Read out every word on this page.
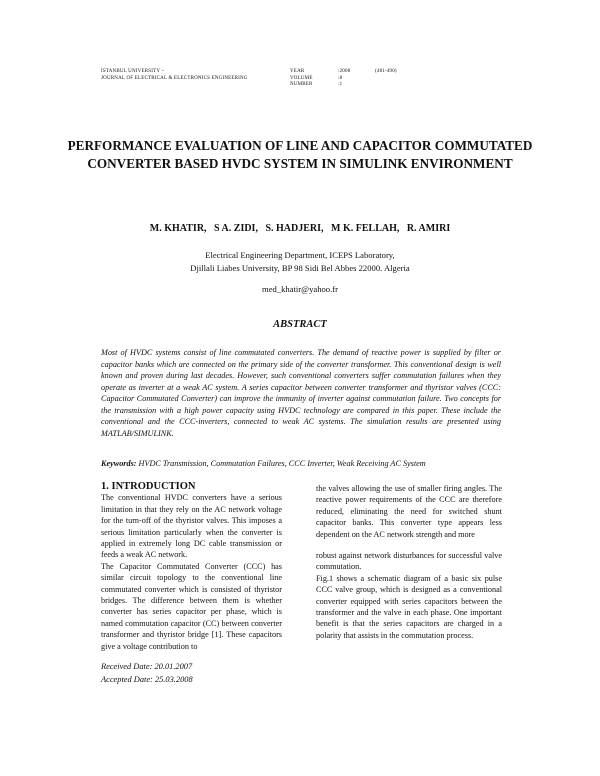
İSTANBUL UNIVERSITY –
JOURNAL OF ELECTRICAL & ELECTRONICS ENGINEERING
YEAR
VOLUME
NUMBER
:2008
:8
:1
(481-490)
PERFORMANCE EVALUATION OF LINE AND CAPACITOR COMMUTATED CONVERTER BASED HVDC SYSTEM IN SIMULINK ENVIRONMENT
M. KHATIR, S A. ZIDI, S. HADJERI, M K. FELLAH, R. AMIRI
Electrical Engineering Department, ICEPS Laboratory,
Djillali Liabes University, BP 98 Sidi Bel Abbes 22000. Algeria
med_khatir@yahoo.fr
ABSTRACT
Most of HVDC systems consist of line commutated converters. The demand of reactive power is supplied by filter or capacitor banks which are connected on the primary side of the converter transformer. This conventional design is well known and proven during last decades. However, such conventional converters suffer commutation failures when they operate as inverter at a weak AC system. A series capacitor between converter transformer and thyristor valves (CCC: Capacitor Commutated Converter) can improve the immunity of inverter against commutation failure. Two concepts for the transmission with a high power capacity using HVDC technology are compared in this paper. These include the conventional and the CCC-inverters, connected to weak AC systems. The simulation results are presented using MATLAB/SIMULINK.
Keywords: HVDC Transmission, Commutation Failures, CCC Inverter, Weak Receiving AC System
1. INTRODUCTION

The conventional HVDC converters have a serious limitation in that they rely on the AC network voltage for the turn-off of the thyristor valves. This imposes a serious limitation particularly when the converter is applied in extremely long DC cable transmission or feeds a weak AC network.

The Capacitor Commutated Converter (CCC) has similar circuit topology to the conventional line commutated converter which is consisted of thyristor bridges. The difference between them is whether converter has series capacitor per phase, which is named commutation capacitor (CC) between converter transformer and thyristor bridge [1]. These capacitors give a voltage contribution to

the valves allowing the use of smaller firing angles. The reactive power requirements of the CCC are therefore reduced, eliminating the need for switched shunt capacitor banks. This converter type appears less dependent on the AC network strength and more

robust against network disturbances for successful valve commutation.

Fig.1 shows a schematic diagram of a basic six pulse CCC valve group, which is designed as a conventional converter equipped with series capacitors between the transformer and the valve in each phase. One important benefit is that the series capacitors are charged in a polarity that assists in the commutation process.

Received Date: 20.01.2007
Accepted Date: 25.03.2008
